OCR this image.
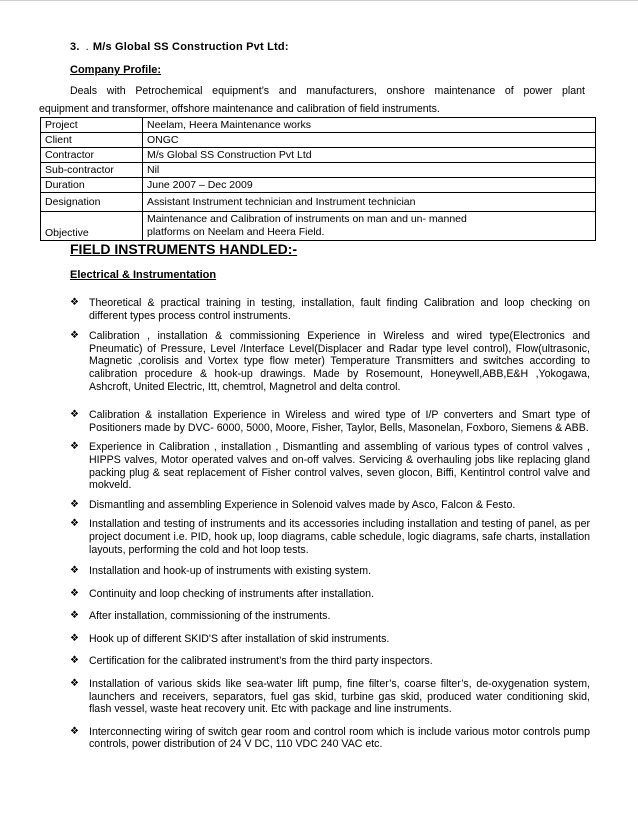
3. . M/s Global SS Construction Pvt Ltd:
Company Profile:
Deals with Petrochemical equipment’s and manufacturers, onshore maintenance of power plant
equipment and transformer, offshore maintenance and calibration of field instruments.
Project	Neelam, Heera Maintenance works
Client	ONGC
Contractor	M/s Global SS Construction Pvt Ltd
Sub-contractor	Nil
Duration	June 2007 – Dec 2009
Designation	Assistant Instrument technician and Instrument technician
Objective	Maintenance and Calibration of instruments on man and un- manned
platforms on Neelam and Heera Field.
FIELD INSTRUMENTS HANDLED:-
Electrical & Instrumentation
❖ Theoretical & practical training in testing, installation, fault finding Calibration and loop checking on different types process control instruments.
❖ Calibration , installation & commissioning Experience in Wireless and wired type(Electronics and Pneumatic) of Pressure, Level /Interface Level(Displacer and Radar type level control), Flow(ultrasonic, Magnetic ,corolisis and Vortex type flow meter) Temperature Transmitters and switches according to calibration procedure & hook-up drawings. Made by Rosemount, Honeywell,ABB,E&H ,Yokogawa, Ashcroft, United Electric, Itt, chemtrol, Magnetrol and delta control.
❖ Calibration & installation Experience in Wireless and wired type of I/P converters and Smart type of Positioners made by DVC- 6000, 5000, Moore, Fisher, Taylor, Bells, Masonelan, Foxboro, Siemens & ABB.
❖ Experience in Calibration , installation , Dismantling and assembling of various types of control valves , HIPPS valves, Motor operated valves and on-off valves. Servicing & overhauling jobs like replacing gland packing plug & seat replacement of Fisher control valves, seven glocon, Biffi, Kentintrol control valve and mokveld.
❖ Dismantling and assembling Experience in Solenoid valves made by Asco, Falcon & Festo.
❖ Installation and testing of instruments and its accessories including installation and testing of panel, as per project document i.e. PID, hook up, loop diagrams, cable schedule, logic diagrams, safe charts, installation layouts, performing the cold and hot loop tests.
❖ Installation and hook-up of instruments with existing system.
❖ Continuity and loop checking of instruments after installation.
❖ After installation, commissioning of the instruments.
❖ Hook up of different SKID'S after installation of skid instruments.
❖ Certification for the calibrated instrument’s from the third party inspectors.
❖ Installation of various skids like sea-water lift pump, fine filter’s, coarse filter’s, de-oxygenation system, launchers and receivers, separators, fuel gas skid, turbine gas skid, produced water conditioning skid, flash vessel, waste heat recovery unit. Etc with package and line instruments.
❖ Interconnecting wiring of switch gear room and control room which is include various motor controls pump controls, power distribution of 24 V DC, 110 VDC 240 VAC etc.
